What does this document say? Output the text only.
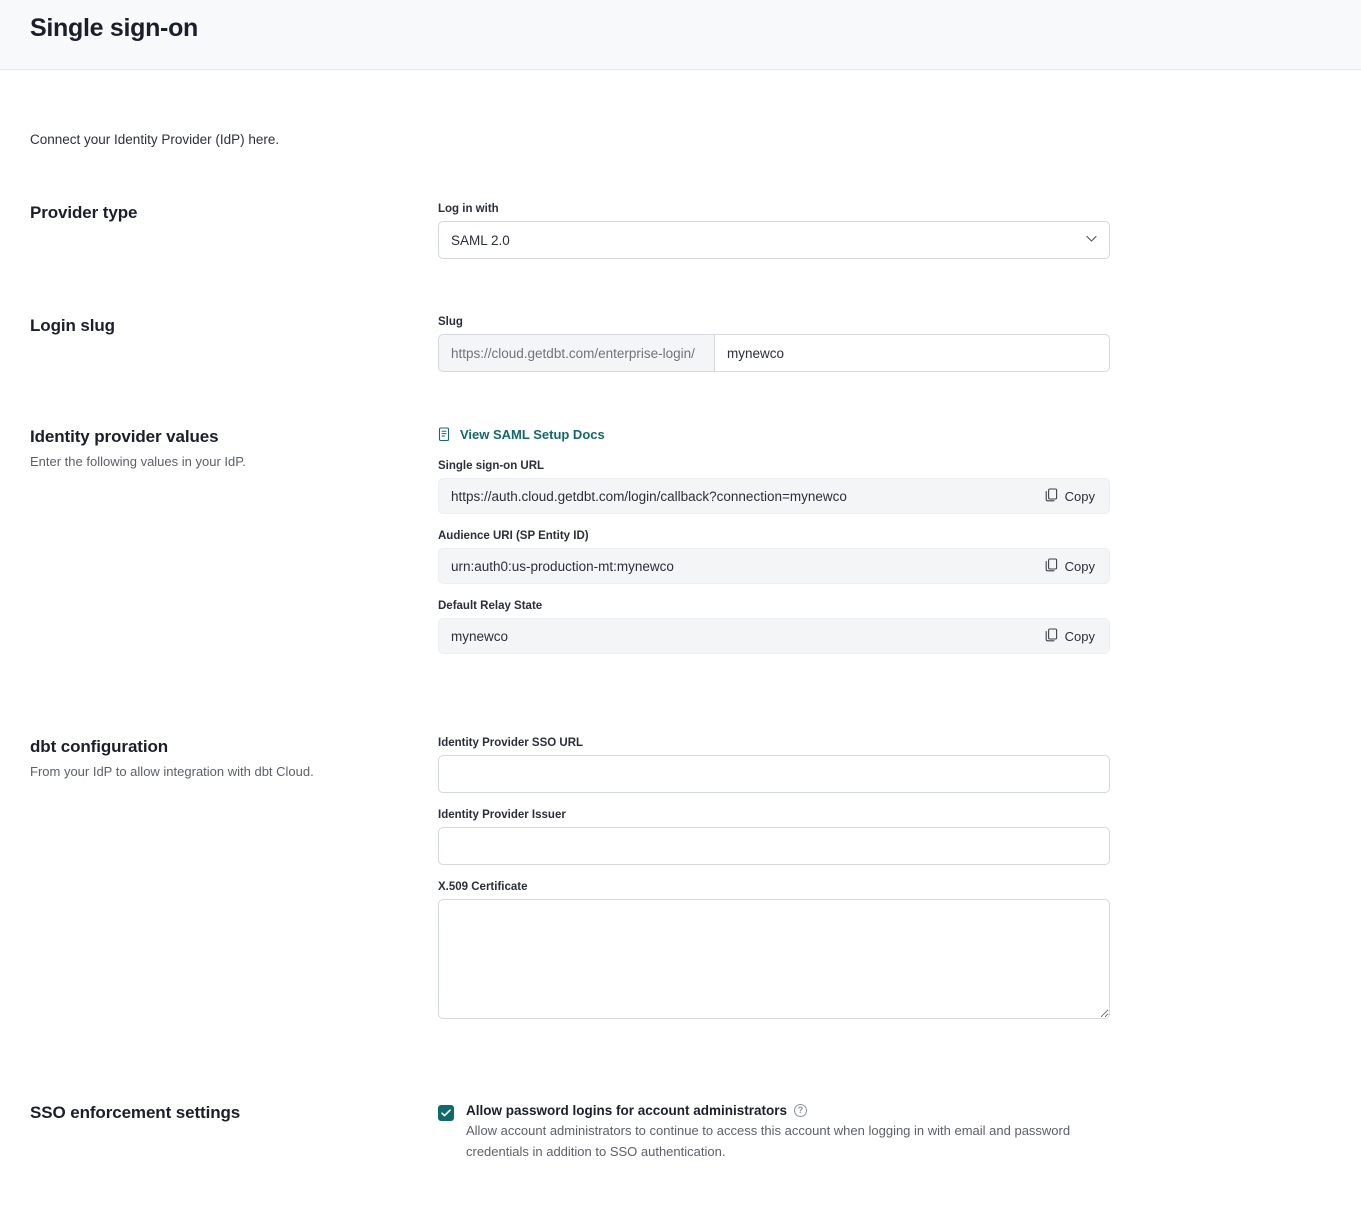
Single sign-on
Connect your Identity Provider (IdP) here.
Provider type	Log in with
SAML 2.0
Login slug	Slug
https://cloud.getdbt.com/enterprise-login/
mynewco
Identity provider values
Enter the following values in your IdP.
View SAML Setup Docs
Single sign-on URL
https://auth.cloud.getdbt.com/login/callback?connection=mynewco	Copy
Audience URI (SP Entity ID)
urn:auth0:us-production-mt:mynewco	Copy
Default Relay State
mynewco	Copy
dbt configuration
From your IdP to allow integration with dbt Cloud.
Identity Provider SSO URL
Identity Provider Issuer
X.509 Certificate
SSO enforcement settings	Allow password logins for account administrators	?
Allow account administrators to continue to access this account when logging in with email and password credentials in addition to SSO authentication.
